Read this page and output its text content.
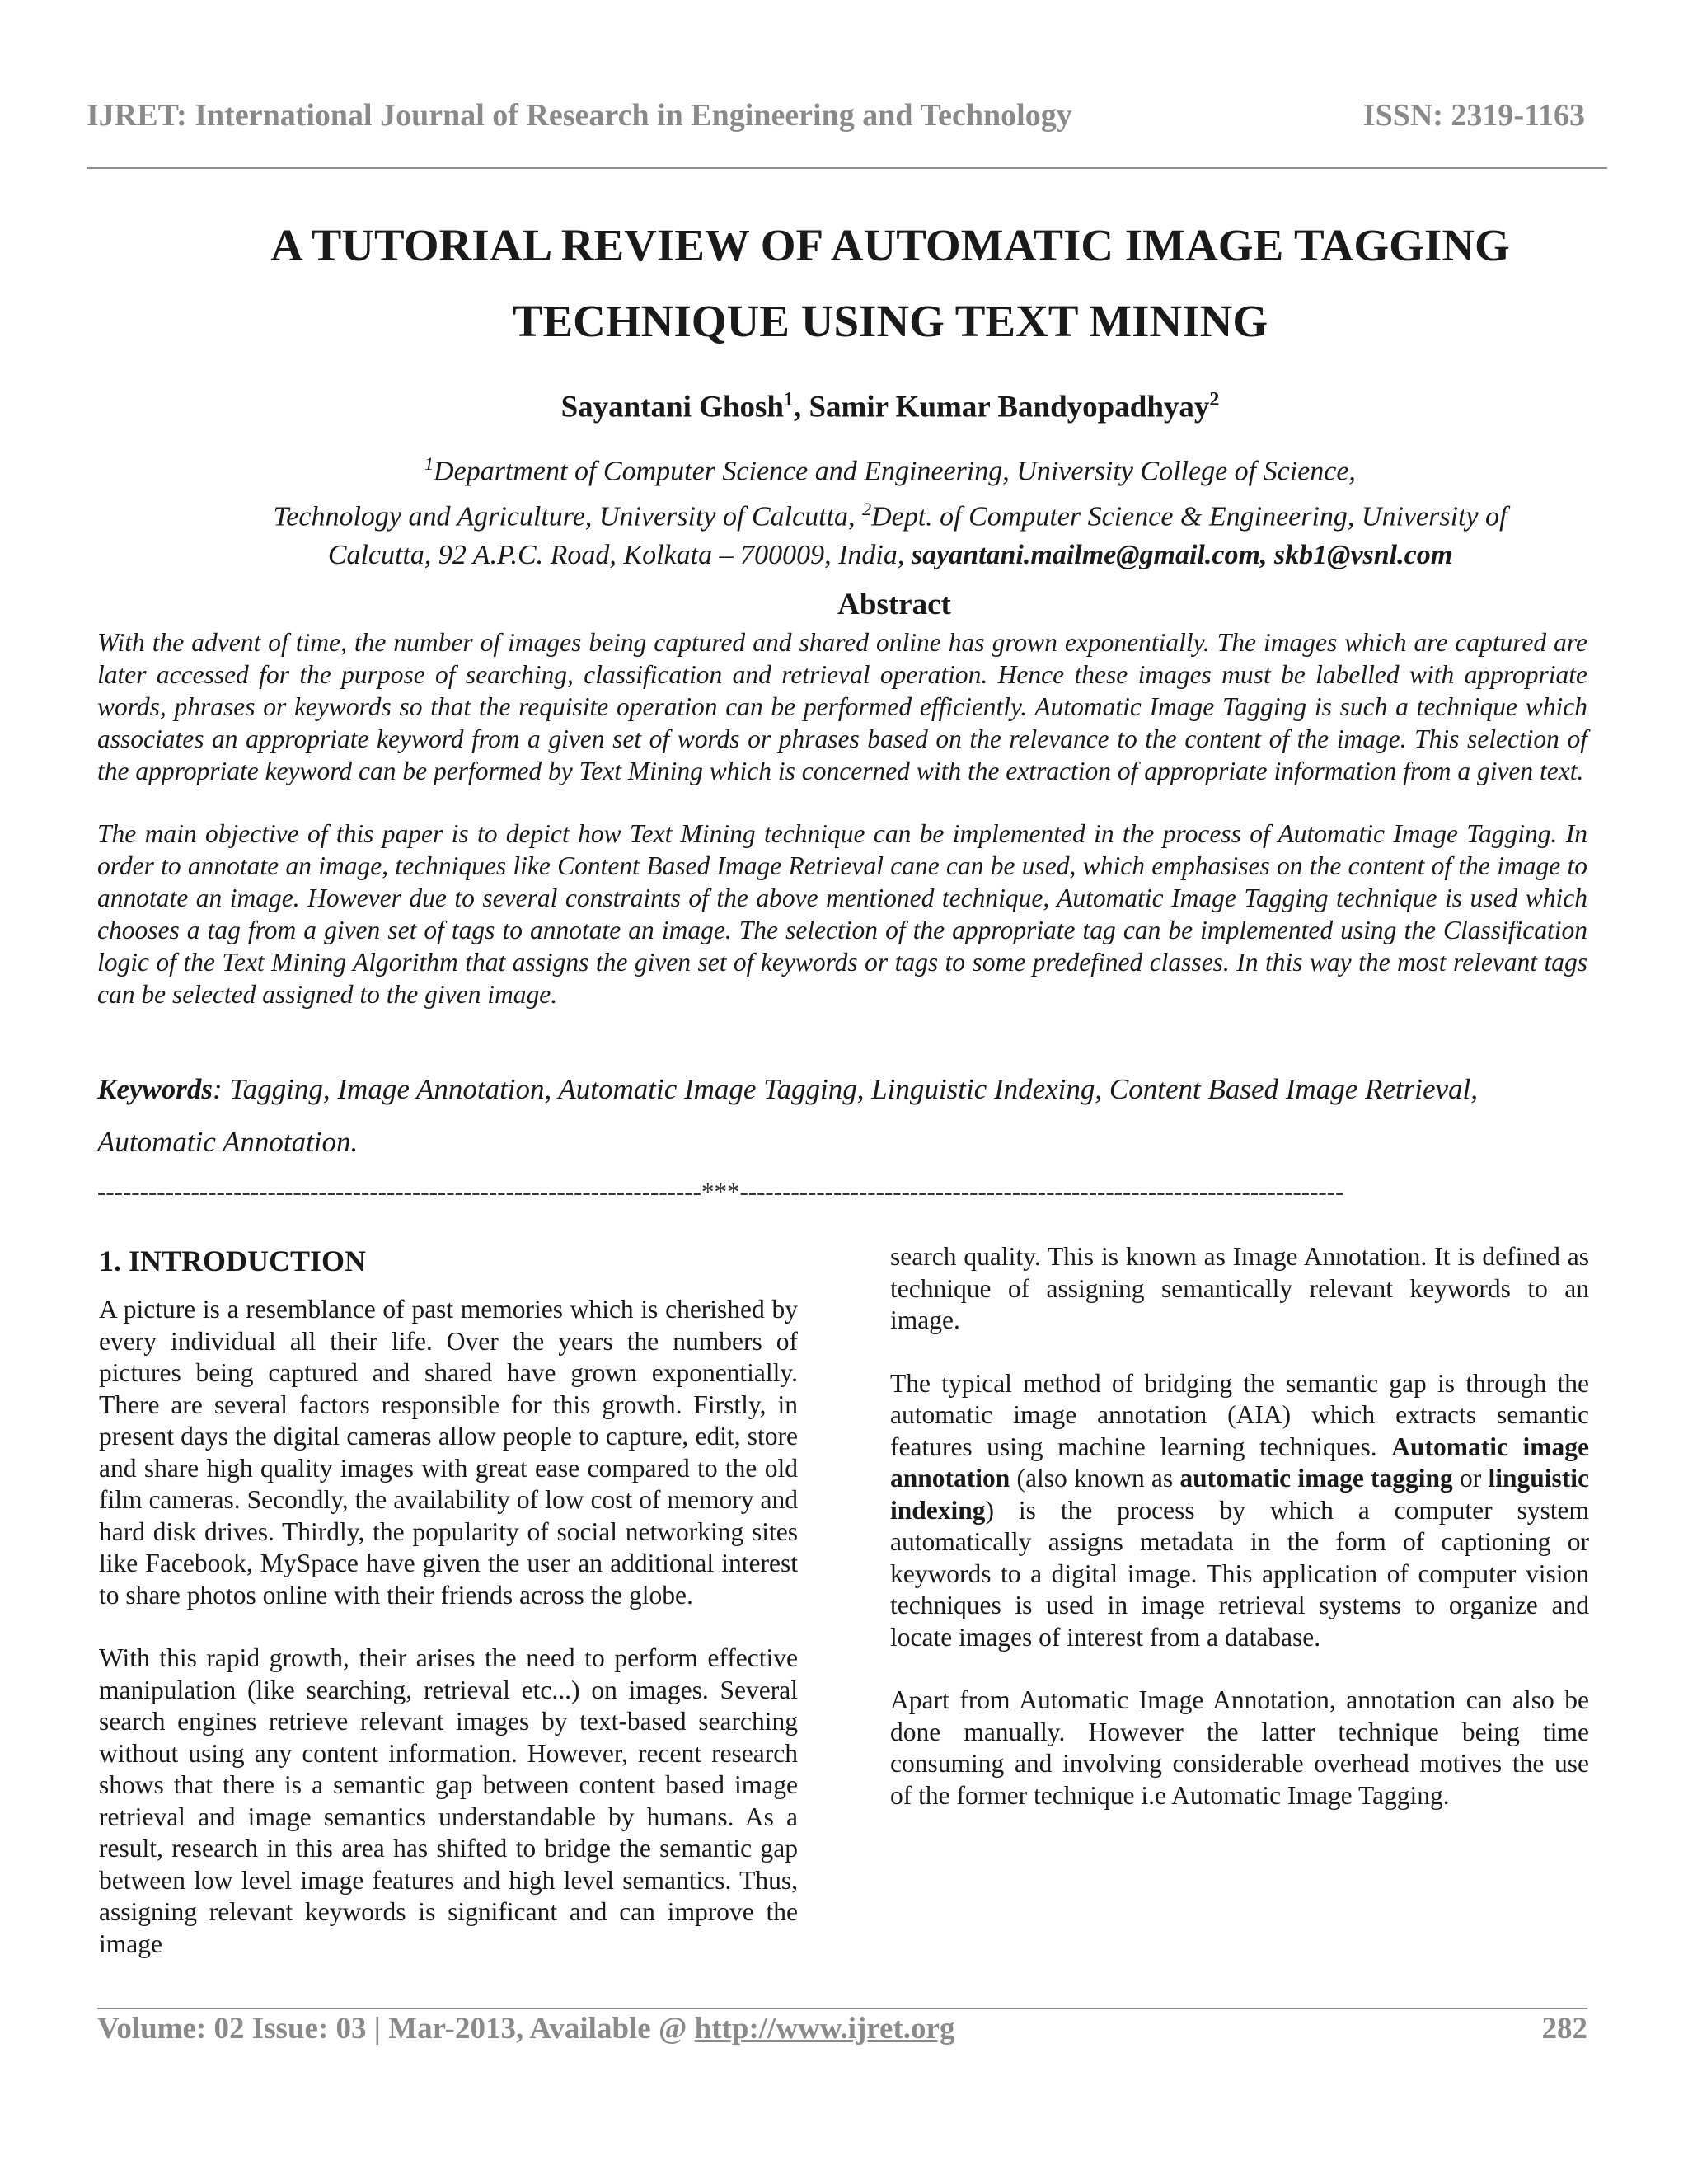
IJRET: International Journal of Research in Engineering and Technology	ISSN: 2319-1163
A TUTORIAL REVIEW OF AUTOMATIC IMAGE TAGGING
TECHNIQUE USING TEXT MINING
Sayantani Ghosh$^1$, Samir Kumar Bandyopadhyay$^2$
$^1$Department of Computer Science and Engineering, University College of Science,
Technology and Agriculture, University of Calcutta, $^2$Dept. of Computer Science & Engineering, University of
Calcutta, 92 A.P.C. Road, Kolkata – 700009, India, sayantani.mailme@gmail.com, skb1@vsnl.com
Abstract

With the advent of time, the number of images being captured and shared online has grown exponentially. The images which are captured are later accessed for the purpose of searching, classification and retrieval operation. Hence these images must be labelled with appropriate words, phrases or keywords so that the requisite operation can be performed efficiently. Automatic Image Tagging is such a technique which associates an appropriate keyword from a given set of words or phrases based on the relevance to the content of the image. This selection of the appropriate keyword can be performed by Text Mining which is concerned with the extraction of appropriate information from a given text.

The main objective of this paper is to depict how Text Mining technique can be implemented in the process of Automatic Image Tagging. In order to annotate an image, techniques like Content Based Image Retrieval cane can be used, which emphasises on the content of the image to annotate an image. However due to several constraints of the above mentioned technique, Automatic Image Tagging technique is used which chooses a tag from a given set of tags to annotate an image. The selection of the appropriate tag can be implemented using the Classification logic of the Text Mining Algorithm that assigns the given set of keywords or tags to some predefined classes. In this way the most relevant tags can be selected assigned to the given image.

Keywords: Tagging, Image Annotation, Automatic Image Tagging, Linguistic Indexing, Content Based Image Retrieval, Automatic Annotation.
-----------------------------------------------------------------------***-----------------------------------------------------------------------
1. INTRODUCTION

A picture is a resemblance of past memories which is cherished by every individual all their life. Over the years the numbers of pictures being captured and shared have grown exponentially. There are several factors responsible for this growth. Firstly, in present days the digital cameras allow people to capture, edit, store and share high quality images with great ease compared to the old film cameras. Secondly, the availability of low cost of memory and hard disk drives. Thirdly, the popularity of social networking sites like Facebook, MySpace have given the user an additional interest to share photos online with their friends across the globe.

With this rapid growth, their arises the need to perform effective manipulation (like searching, retrieval etc...) on images. Several search engines retrieve relevant images by text-based searching without using any content information. However, recent research shows that there is a semantic gap between content based image retrieval and image semantics understandable by humans. As a result, research in this area has shifted to bridge the semantic gap between low level image features and high level semantics. Thus, assigning relevant keywords is significant and can improve the image

search quality. This is known as Image Annotation. It is defined as technique of assigning semantically relevant keywords to an image.

The typical method of bridging the semantic gap is through the automatic image annotation (AIA) which extracts semantic features using machine learning techniques. Automatic image annotation (also known as automatic image tagging or linguistic indexing) is the process by which a computer system automatically assigns metadata in the form of captioning or keywords to a digital image. This application of computer vision techniques is used in image retrieval systems to organize and locate images of interest from a database.

Apart from Automatic Image Annotation, annotation can also be done manually. However the latter technique being time consuming and involving considerable overhead motives the use of the former technique i.e Automatic Image Tagging.

Volume: 02 Issue: 03 | Mar-2013, Available @ http://www.ijret.org	282
